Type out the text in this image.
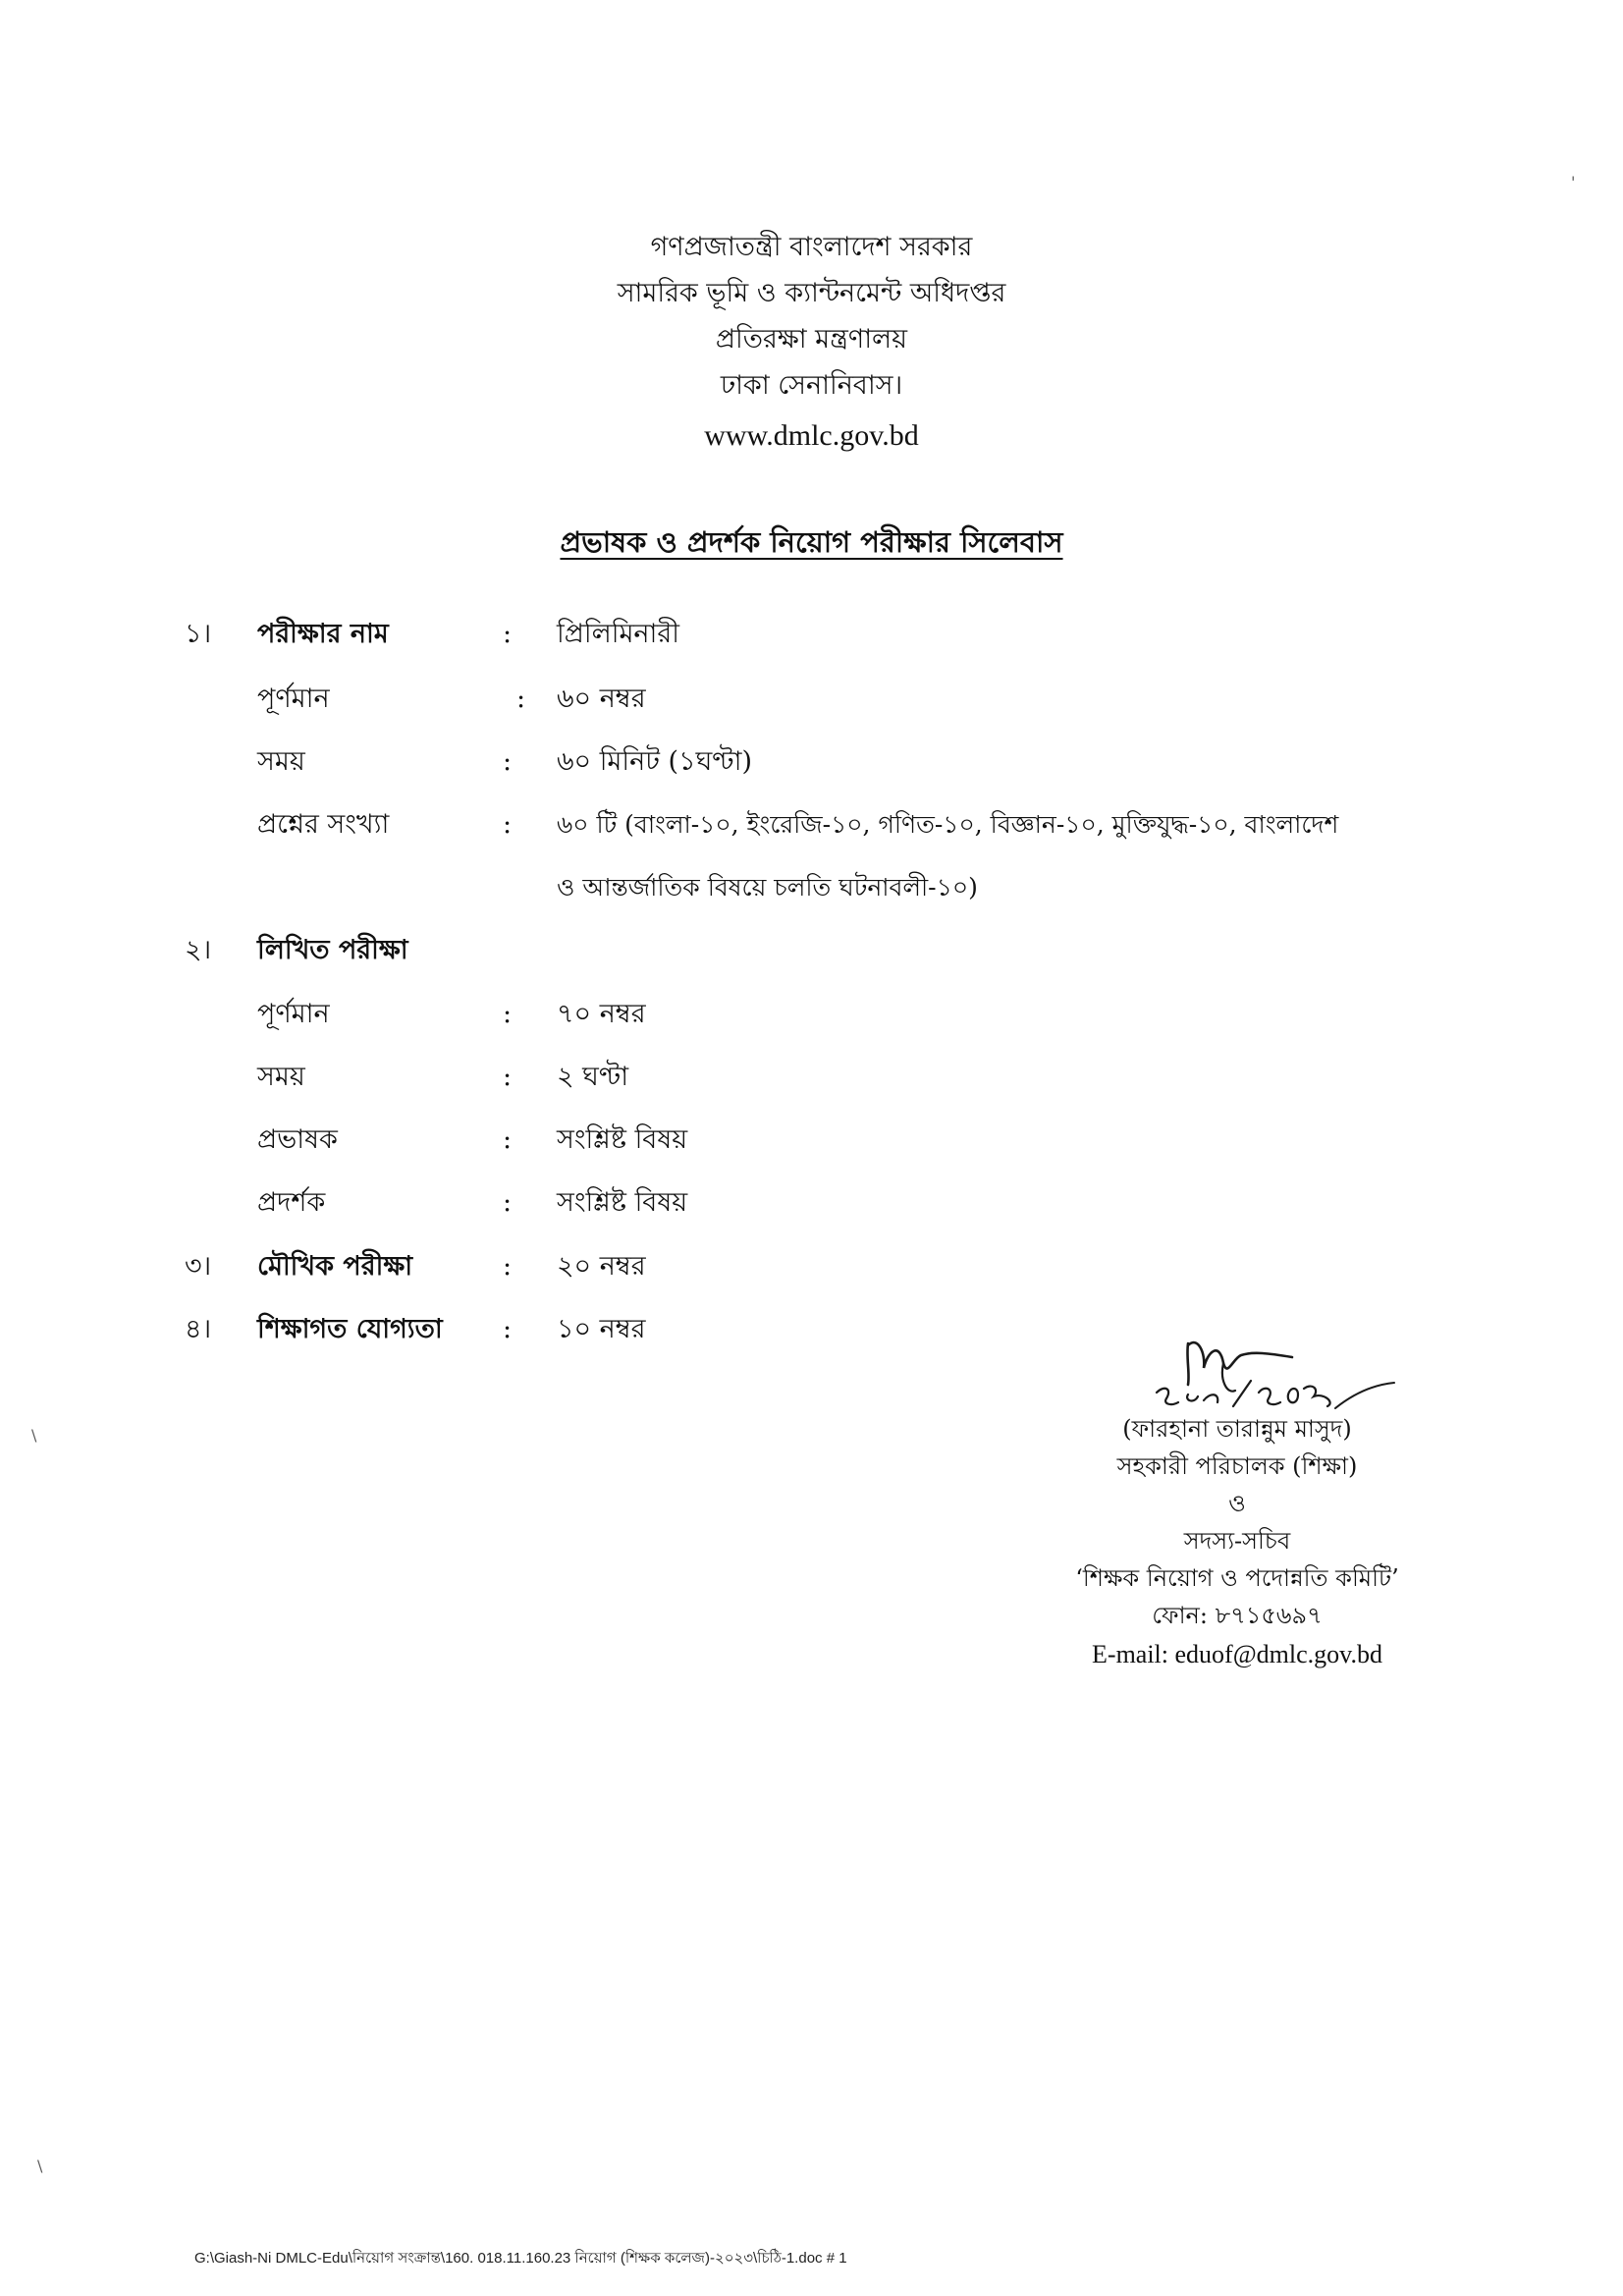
গণপ্রজাতন্ত্রী বাংলাদেশ সরকার
সামরিক ভূমি ও ক্যান্টনমেন্ট অধিদপ্তর
প্রতিরক্ষা মন্ত্রণালয়
ঢাকা সেনানিবাস।
www.dmlc.gov.bd
প্রভাষক ও প্রদর্শক নিয়োগ পরীক্ষার সিলেবাস
১। পরীক্ষার নাম	: প্রিলিমিনারী
পূর্ণমান	: ৬০ নম্বর
সময়	: ৬০ মিনিট (১ঘণ্টা)
প্রশ্নের সংখ্যা	: ৬০ টি (বাংলা-১০, ইংরেজি-১০, গণিত-১০, বিজ্ঞান-১০, মুক্তিযুদ্ধ-১০, বাংলাদেশ
ও আন্তর্জাতিক বিষয়ে চলতি ঘটনাবলী-১০)
২। লিখিত পরীক্ষা
পূর্ণমান	: ৭০ নম্বর
সময়	: ২ ঘণ্টা
প্রভাষক	: সংশ্লিষ্ট বিষয়
প্রদর্শক	: সংশ্লিষ্ট বিষয়
৩। মৌখিক পরীক্ষা	: ২০ নম্বর
৪। শিক্ষাগত যোগ্যতা : ১০ নম্বর
(ফারহানা তারান্নুম মাসুদ)
সহকারী পরিচালক (শিক্ষা)
ও
সদস্য-সচিব
‘শিক্ষক নিয়োগ ও পদোন্নতি কমিটি’
ফোন: ৮৭১৫৬৯৭
E-mail: eduof@dmlc.gov.bd
G:\Giash-Ni DMLC-Edu\নিয়োগ সংক্রান্ত\160. 018.11.160.23 নিয়োগ (শিক্ষক কলেজ)-২০২৩\চিঠি-1.doc # 1
'
\
\
